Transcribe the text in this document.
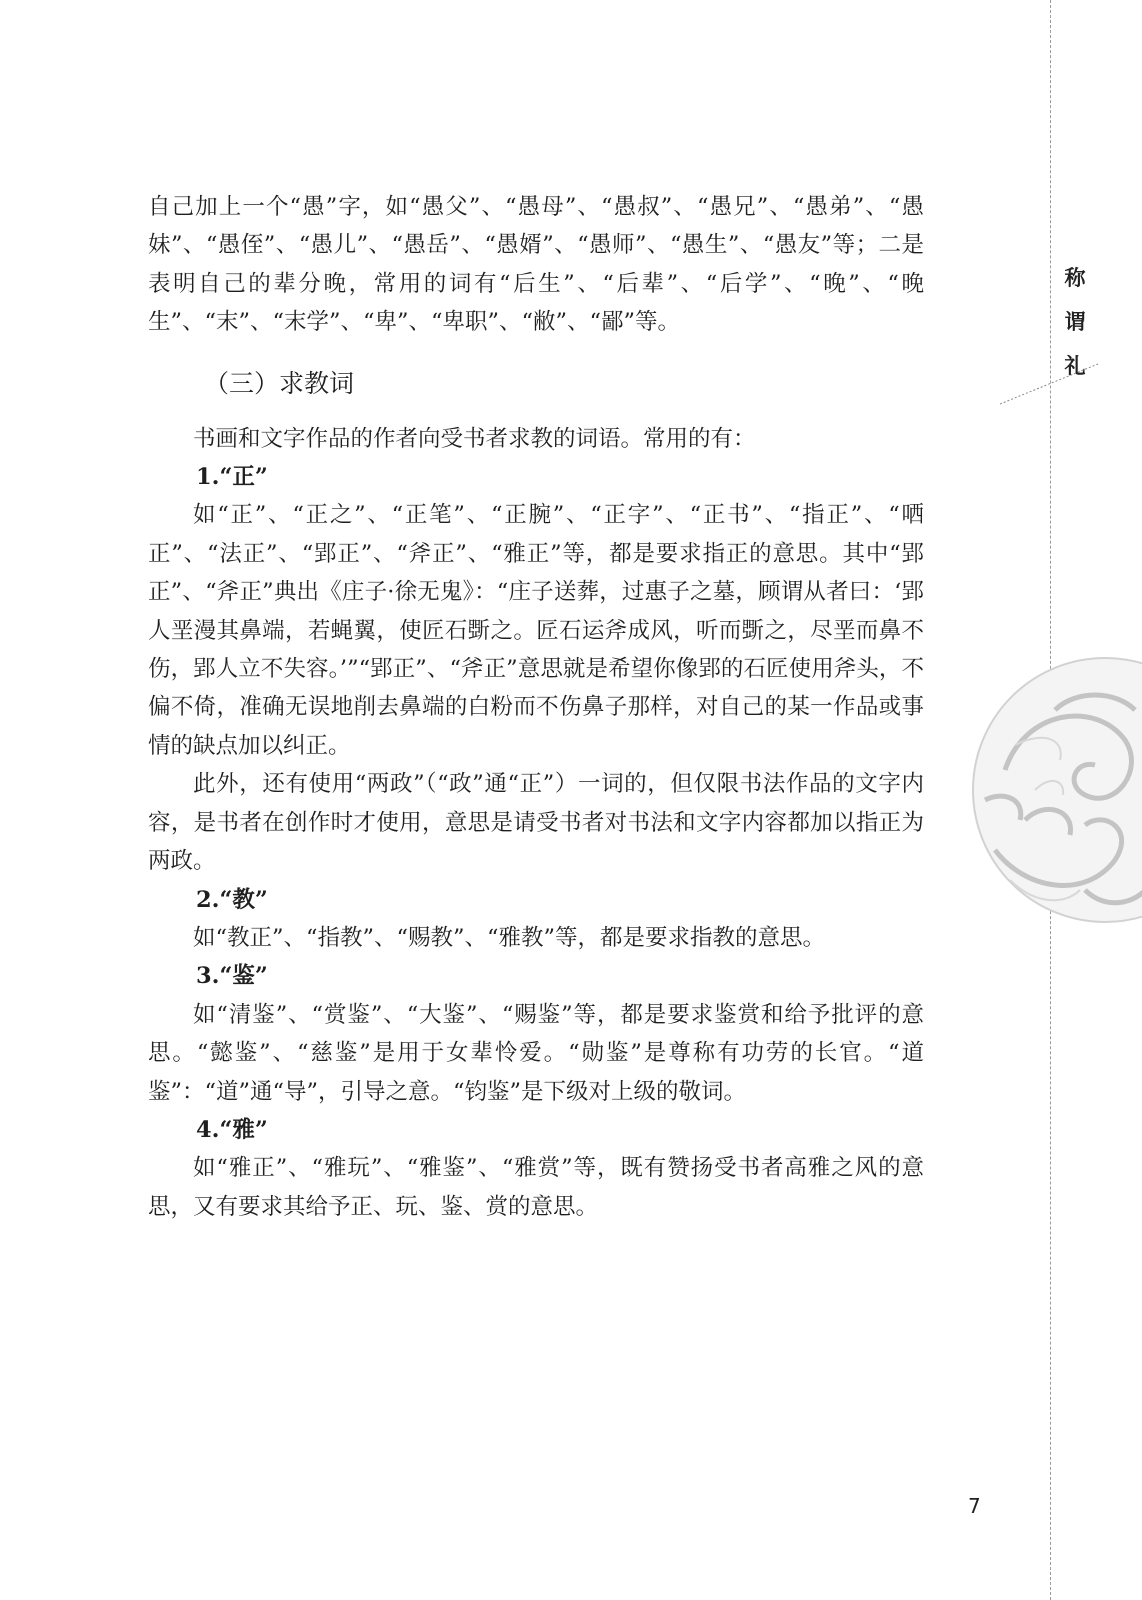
称
谓
礼

自己加上一个“愚”字，如“愚父”、“愚母”、“愚叔”、“愚兄”、“愚弟”、“愚妹”、“愚侄”、“愚儿”、“愚岳”、“愚婿”、“愚师”、“愚生”、“愚友”等；二是表明自己的辈分晚，常用的词有“后生”、“后辈”、“后学”、“晚”、“晚生”、“末”、“末学”、“卑”、“卑职”、“敝”、“鄙”等。

（三）求教词

书画和文字作品的作者向受书者求教的词语。常用的有：

1.“正”

如“正”、“正之”、“正笔”、“正腕”、“正字”、“正书”、“指正”、“哂正”、“法正”、“郢正”、“斧正”、“雅正”等，都是要求指正的意思。其中“郢正”、“斧正”典出《庄子·徐无鬼》：“庄子送葬，过惠子之墓，顾谓从者曰：‘郢人垩漫其鼻端，若蝇翼，使匠石斲之。匠石运斧成风，听而斲之，尽垩而鼻不伤，郢人立不失容。’”“郢正”、“斧正”意思就是希望你像郢的石匠使用斧头，不偏不倚，准确无误地削去鼻端的白粉而不伤鼻子那样，对自己的某一作品或事情的缺点加以纠正。

此外，还有使用“两政”（“政”通“正”）一词的，但仅限书法作品的文字内容，是书者在创作时才使用，意思是请受书者对书法和文字内容都加以指正为两政。

2.“教”

如“教正”、“指教”、“赐教”、“雅教”等，都是要求指教的意思。

3.“鉴”

如“清鉴”、“赏鉴”、“大鉴”、“赐鉴”等，都是要求鉴赏和给予批评的意思。“懿鉴”、“慈鉴”是用于女辈怜爱。“勋鉴”是尊称有功劳的长官。“道鉴”：“道”通“导”，引导之意。“钧鉴”是下级对上级的敬词。

4.“雅”

如“雅正”、“雅玩”、“雅鉴”、“雅赏”等，既有赞扬受书者高雅之风的意思，又有要求其给予正、玩、鉴、赏的意思。

7
